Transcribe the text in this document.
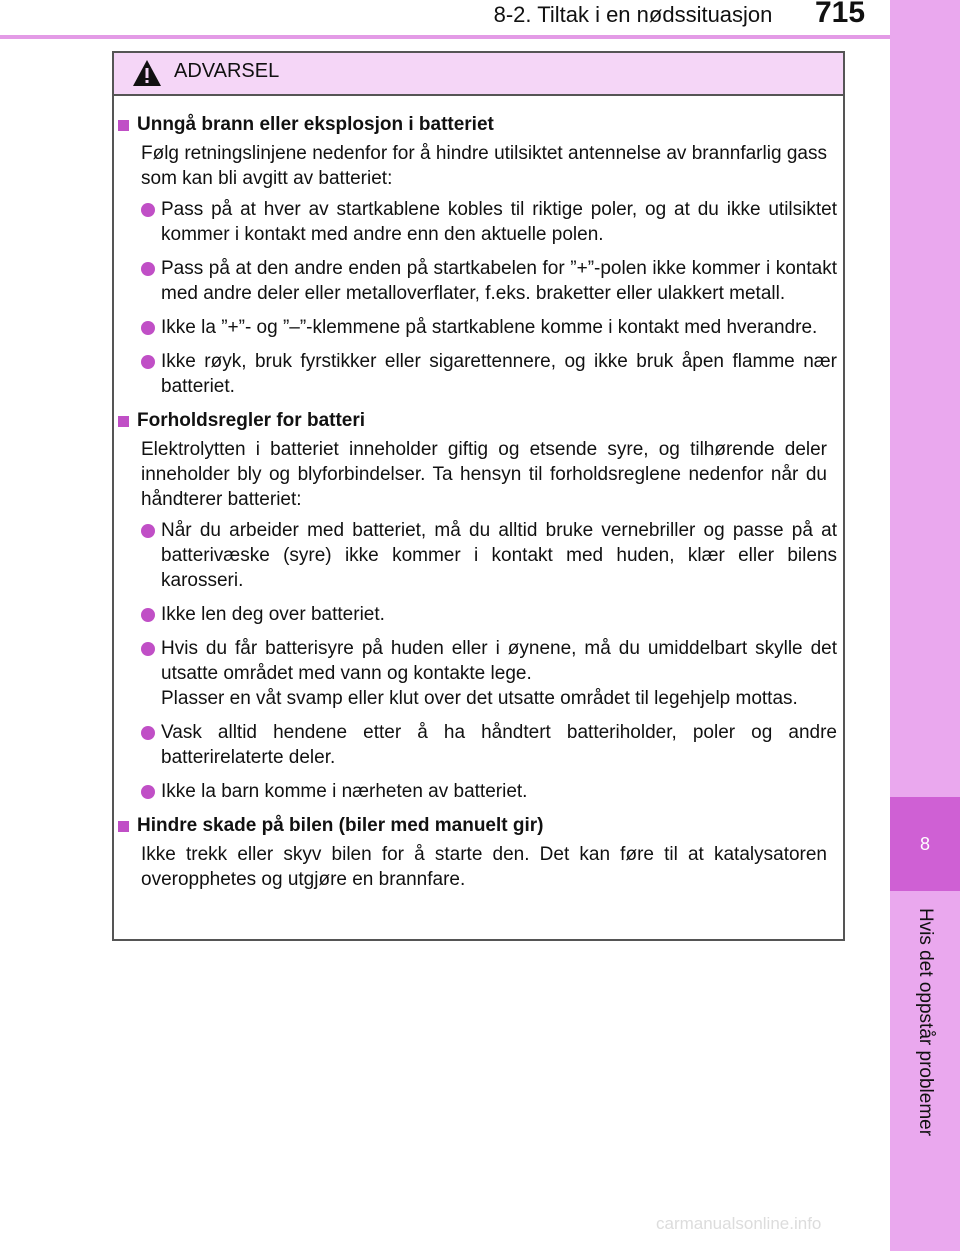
8-2. Tiltak i en nødssituasjon	715
8
Hvis det oppstår problemer
ADVARSEL
Unngå brann eller eksplosjon i batteriet
Følg retningslinjene nedenfor for å hindre utilsiktet antennelse av brannfarlig gass som kan bli avgitt av batteriet:
Pass på at hver av startkablene kobles til riktige poler, og at du ikke utilsiktet kommer i kontakt med andre enn den aktuelle polen.
Pass på at den andre enden på startkabelen for ”+”-polen ikke kommer i kontakt med andre deler eller metalloverflater, f.eks. braketter eller ulakkert metall.
Ikke la ”+”- og ”–”-klemmene på startkablene komme i kontakt med hverandre.
Ikke røyk, bruk fyrstikker eller sigarettennere, og ikke bruk åpen flamme nær batteriet.
Forholdsregler for batteri
Elektrolytten i batteriet inneholder giftig og etsende syre, og tilhørende deler inneholder bly og blyforbindelser. Ta hensyn til forholdsreglene nedenfor når du håndterer batteriet:
Når du arbeider med batteriet, må du alltid bruke vernebriller og passe på at batterivæske (syre) ikke kommer i kontakt med huden, klær eller bilens karosseri.
Ikke len deg over batteriet.
Hvis du får batterisyre på huden eller i øynene, må du umiddelbart skylle det utsatte området med vann og kontakte lege.
Plasser en våt svamp eller klut over det utsatte området til legehjelp mottas.
Vask alltid hendene etter å ha håndtert batteriholder, poler og andre batterirelaterte deler.
Ikke la barn komme i nærheten av batteriet.
Hindre skade på bilen (biler med manuelt gir)
Ikke trekk eller skyv bilen for å starte den. Det kan føre til at katalysatoren overopphetes og utgjøre en brannfare.
carmanualsonline.info
